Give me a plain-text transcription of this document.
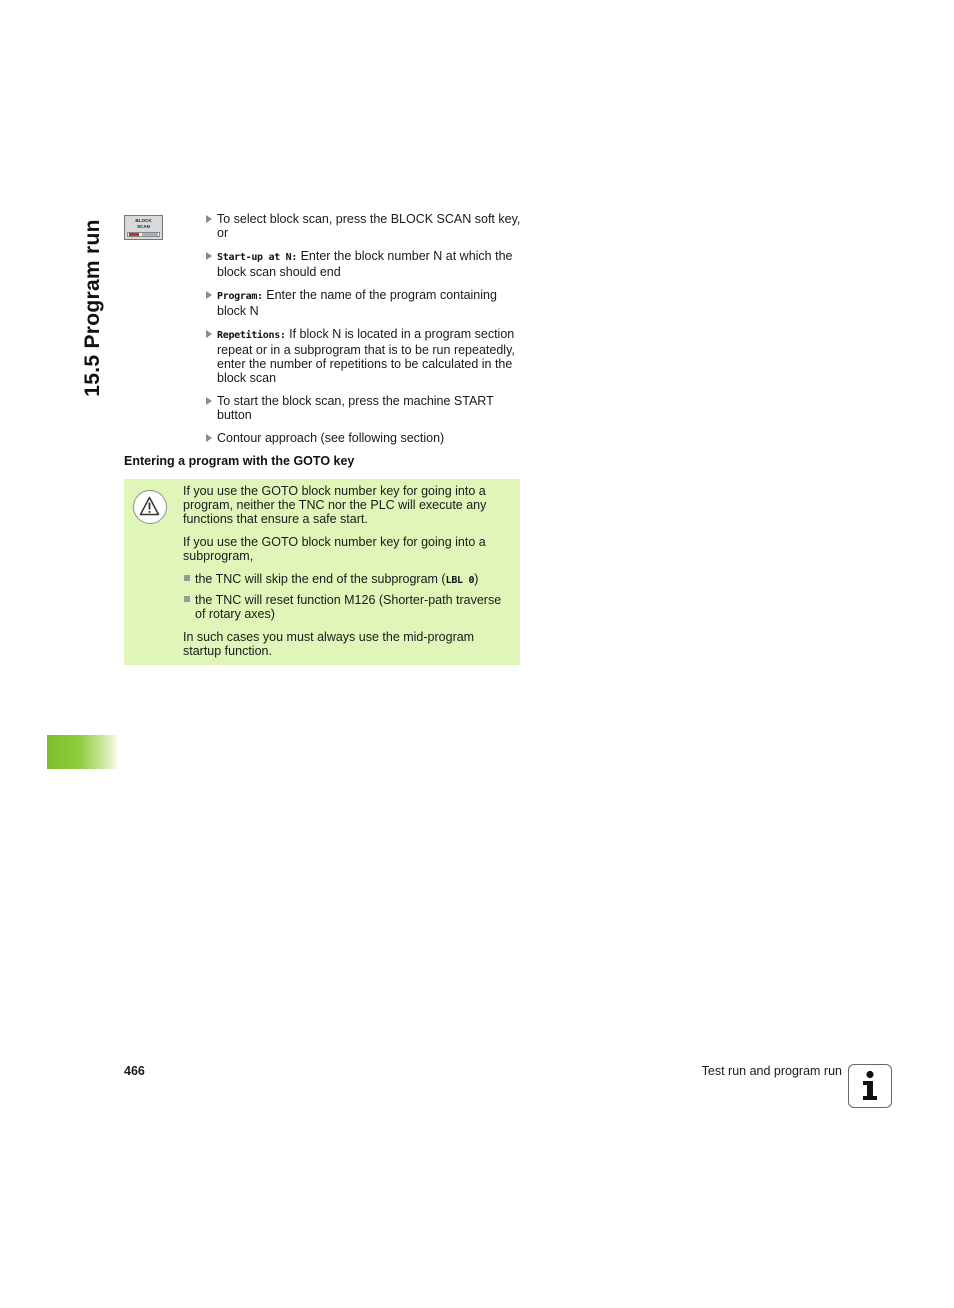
15.5 Program run	BLOCK
SCAN	To select block scan, press the BLOCK SCAN soft key, or
Start-up at N: Enter the block number N at which the block scan should end
Program: Enter the name of the program containing block N
Repetitions: If block N is located in a program section repeat or in a subprogram that is to be run repeatedly, enter the number of repetitions to be calculated in the block scan
To start the block scan, press the machine START button
Contour approach (see following section)
Entering a program with the GOTO key

If you use the GOTO block number key for going into a program, neither the TNC nor the PLC will execute any functions that ensure a safe start.

If you use the GOTO block number key for going into a subprogram,

the TNC will skip the end of the subprogram (LBL 0)
the TNC will reset function M126 (Shorter-path traverse of rotary axes)

In such cases you must always use the mid-program startup function.

466	Test run and program run
